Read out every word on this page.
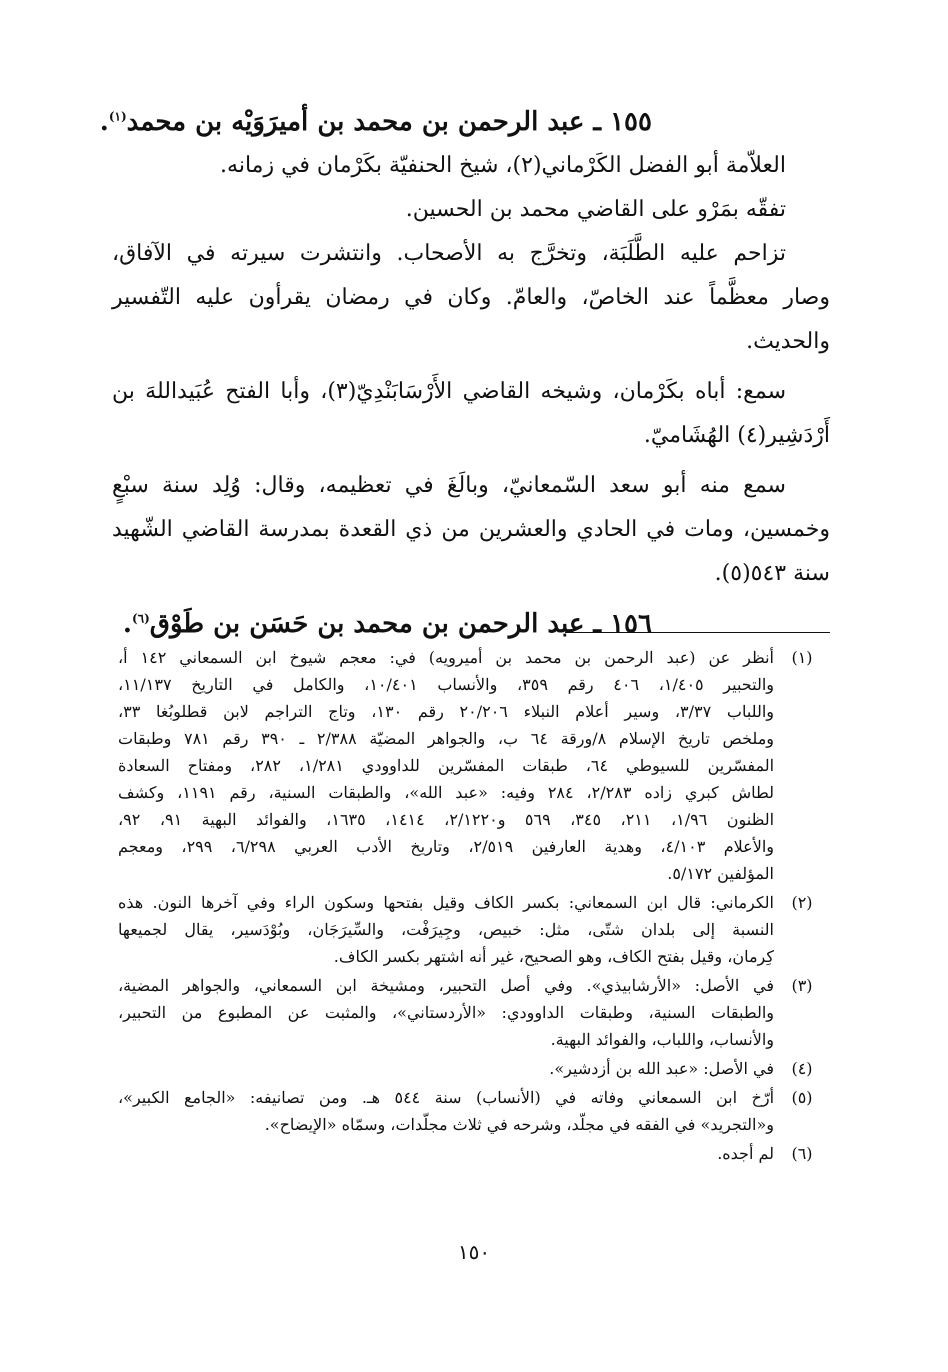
١٥٥ ـ عبد الرحمن بن محمد بن أميرَوَيْه بن محمد$^{(١)}$.

العلاّمة أبو الفضل الكَرْماني(٢)، شيخ الحنفيّة بكَرْمان في زمانه.

تفقّه بمَرْو على القاضي محمد بن الحسين.

تزاحم عليه الطَّلَبَة، وتخرَّج به الأصحاب. وانتشرت سيرته في الآفاق،

وصار معظَّماً عند الخاصّ، والعامّ. وكان في رمضان يقرأون عليه التّفسير

والحديث.

سمع: أباه بكَرْمان، وشيخه القاضي الأَرْسَابَنْدِيّ(٣)، وأبا الفتح عُبَيداللهَ بن

أَرْدَشِير(٤) الهُشَاميّ.

سمع منه أبو سعد السّمعانيّ، وبالَغَ في تعظيمه، وقال: وُلِد سنة سبْعٍ

وخمسين، ومات في الحادي والعشرين من ذي القعدة بمدرسة القاضي الشّهيد

سنة ٥٤٣(٥).

١٥٦ ـ عبد الرحمن بن محمد بن حَسَن بن طَوْق$^{(٦)}$.

(١)
أنظر عن (عبد الرحمن بن محمد بن أميرويه) في: معجم شيوخ ابن السمعاني ١٤٢ أ،
والتحبير ١/٤٠٥، ٤٠٦ رقم ٣٥٩، والأنساب ١٠/٤٠١، والكامل في التاريخ ١١/١٣٧،
واللباب ٣/٣٧، وسير أعلام النبلاء ٢٠/٢٠٦ رقم ١٣٠، وتاج التراجم لابن قطلوبُغا ٣٣،
وملخص تاريخ الإسلام ٨/ورقة ٦٤ ب، والجواهر المضيّة ٢/٣٨٨ ـ ٣٩٠ رقم ٧٨١ وطبقات
المفسّرين للسيوطي ٦٤، طبقات المفسّرين للداوودي ١/٢٨١، ٢٨٢، ومفتاح السعادة
لطاش كبري زاده ٢/٢٨٣، ٢٨٤ وفيه: «عبد الله»، والطبقات السنية، رقم ١١٩١، وكشف
الظنون ١/٩٦، ٢١١، ٣٤٥، ٥٦٩ و٢/١٢٢٠، ١٤١٤، ١٦٣٥، والفوائد البهية ٩١، ٩٢،
والأعلام ٤/١٠٣، وهدية العارفين ٢/٥١٩، وتاريخ الأدب العربي ٦/٢٩٨، ٢٩٩، ومعجم
المؤلفين ٥/١٧٢.
(٢)
الكرماني: قال ابن السمعاني: بكسر الكاف وقيل بفتحها وسكون الراء وفي آخرها النون. هذه
النسبة إلى بلدان شتّى، مثل: خبيص، وجِيرَفْت، والسِّيرَجَان، وبُوْدَسير، يقال لجميعها
كِرمان، وقيل بفتح الكاف، وهو الصحيح، غير أنه اشتهر بكسر الكاف.
(٣)
في الأصل: «الأرشابيذي». وفي أصل التحبير، ومشيخة ابن السمعاني، والجواهر المضية،
والطبقات السنية، وطبقات الداوودي: «الأردستاني»، والمثبت عن المطبوع من التحبير،
والأنساب، واللباب، والفوائد البهية.
(٤)
في الأصل: «عبد الله بن أزدشير».
(٥)
أرّخ ابن السمعاني وفاته في (الأنساب) سنة ٥٤٤ هـ. ومن تصانيفه: «الجامع الكبير»،
و«التجريد» في الفقه في مجلّد، وشرحه في ثلاث مجلّدات، وسمّاه «الإيضاح».
(٦)
لم أجده.
١٥٠
